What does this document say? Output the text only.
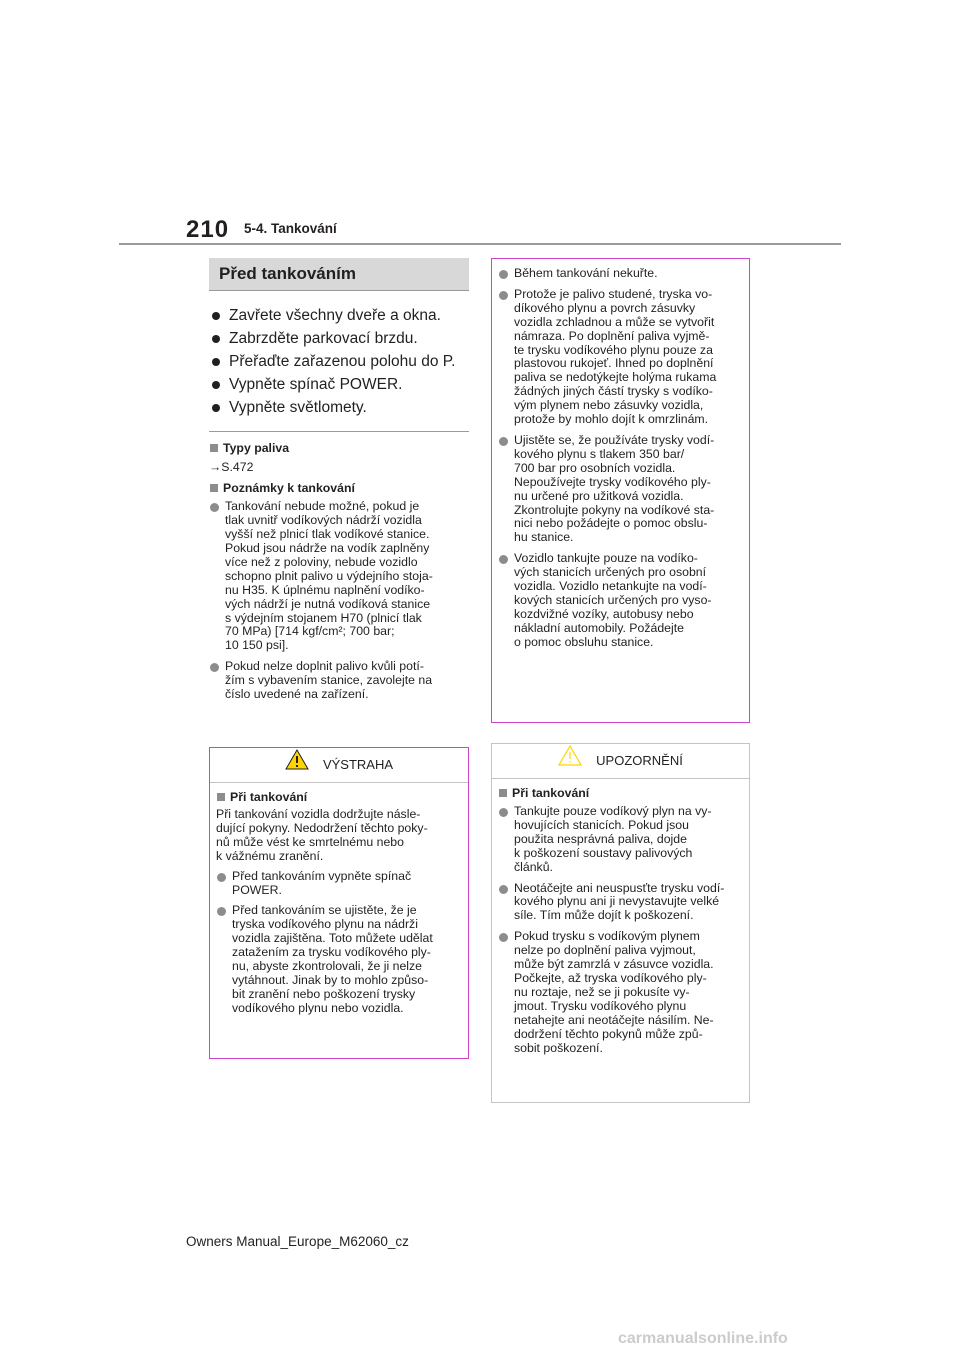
210 5-4. Tankování
Před tankováním
Zavřete všechny dveře a okna.
Zabrzděte parkovací brzdu.
Přeřaďte zařazenou polohu do P.
Vypněte spínač POWER.
Vypněte světlomety.
Typy paliva
→S.472
Poznámky k tankování
Tankování nebude možné, pokud je
tlak uvnitř vodíkových nádrží vozidla
vyšší než plnicí tlak vodíkové stanice.
Pokud jsou nádrže na vodík zaplněny
více než z poloviny, nebude vozidlo
schopno plnit palivo u výdejního stoja-
nu H35. K úplnému naplnění vodíko-
vých nádrží je nutná vodíková stanice
s výdejním stojanem H70 (plnicí tlak
70 MPa) [714 kgf/cm²; 700 bar;
10 150 psi].
Pokud nelze doplnit palivo kvůli potí-
žím s vybavením stanice, zavolejte na
číslo uvedené na zařízení.
Během tankování nekuřte.
Protože je palivo studené, tryska vo-
díkového plynu a povrch zásuvky
vozidla zchladnou a může se vytvořit
námraza. Po doplnění paliva vyjmě-
te trysku vodíkového plynu pouze za
plastovou rukojeť. Ihned po doplnění
paliva se nedotýkejte holýma rukama
žádných jiných částí trysky s vodíko-
vým plynem nebo zásuvky vozidla,
protože by mohlo dojít k omrzlinám.
Ujistěte se, že používáte trysky vodí-
kového plynu s tlakem 350 bar/
700 bar pro osobních vozidla.
Nepoužívejte trysky vodíkového ply-
nu určené pro užitková vozidla.
Zkontrolujte pokyny na vodíkové sta-
nici nebo požádejte o pomoc obslu-
hu stanice.
Vozidlo tankujte pouze na vodíko-
vých stanicích určených pro osobní
vozidla. Vozidlo netankujte na vodí-
kových stanicích určených pro vyso-
kozdvižné vozíky, autobusy nebo
nákladní automobily. Požádejte
o pomoc obsluhu stanice.
VÝSTRAHA
Při tankování
Při tankování vozidla dodržujte násle-
dující pokyny. Nedodržení těchto poky-
nů může vést ke smrtelnému nebo
k vážnému zranění.
Před tankováním vypněte spínač
POWER.
Před tankováním se ujistěte, že je
tryska vodíkového plynu na nádrži
vozidla zajištěna. Toto můžete udělat
zatažením za trysku vodíkového ply-
nu, abyste zkontrolovali, že ji nelze
vytáhnout. Jinak by to mohlo způso-
bit zranění nebo poškození trysky
vodíkového plynu nebo vozidla.
UPOZORNĚNÍ
Při tankování
Tankujte pouze vodíkový plyn na vy-
hovujících stanicích. Pokud jsou
použita nesprávná paliva, dojde
k poškození soustavy palivových
článků.
Neotáčejte ani neuspusťte trysku vodí-
kového plynu ani ji nevystavujte velké
síle. Tím může dojít k poškození.
Pokud trysku s vodíkovým plynem
nelze po doplnění paliva vyjmout,
může být zamrzlá v zásuvce vozidla.
Počkejte, až tryska vodíkového ply-
nu roztaje, než se ji pokusíte vy-
jmout. Trysku vodíkového plynu
netahejte ani neotáčejte násilím. Ne-
dodržení těchto pokynů může způ-
sobit poškození.
Owners Manual_Europe_M62060_cz
carmanualsonline.info
